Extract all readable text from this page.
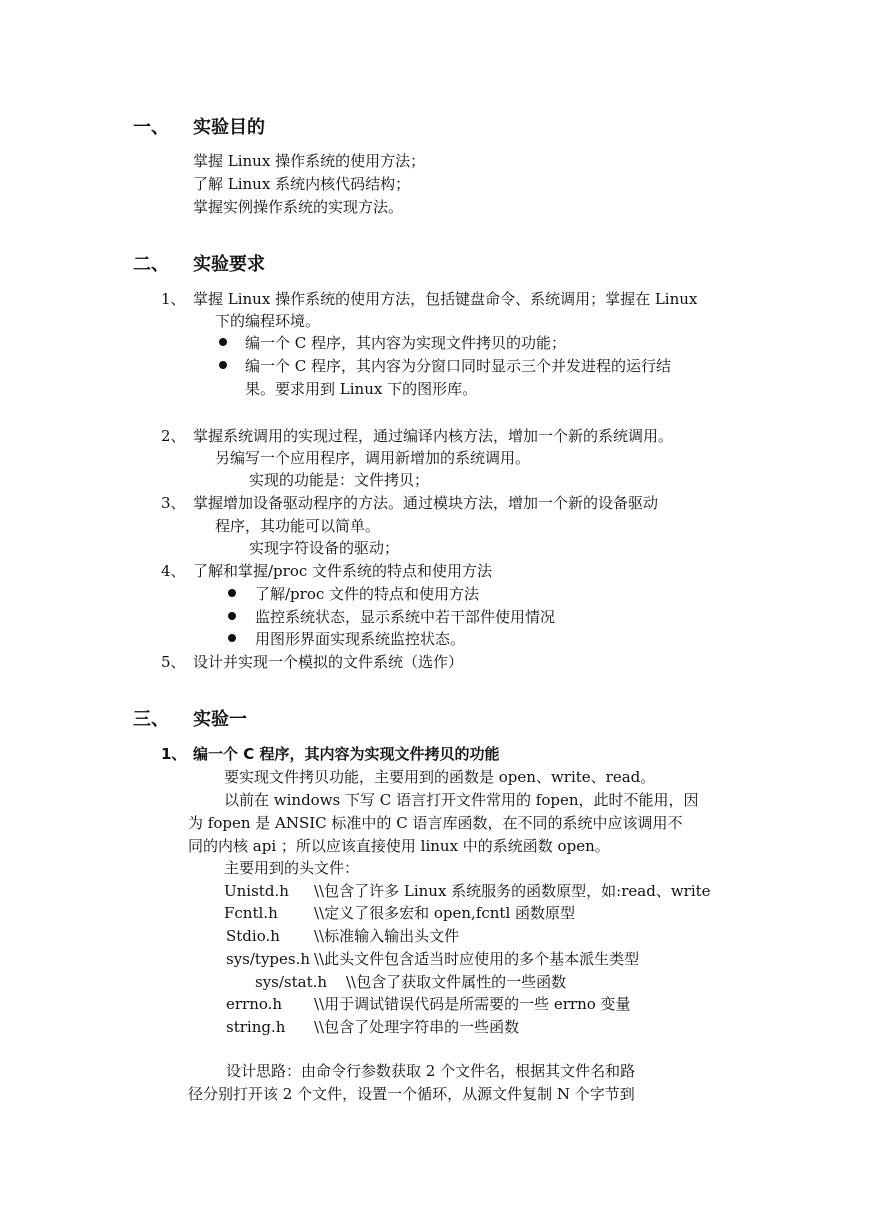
一、 实验目的
掌握 Linux 操作系统的使用方法；
了解 Linux 系统内核代码结构；
掌握实例操作系统的实现方法。
二、 实验要求
1、 掌握 Linux 操作系统的使用方法，包括键盘命令、系统调用；掌握在 Linux
下的编程环境。
编一个 C 程序，其内容为实现文件拷贝的功能；
编一个 C 程序，其内容为分窗口同时显示三个并发进程的运行结
果。要求用到 Linux 下的图形库。
2、 掌握系统调用的实现过程，通过编译内核方法，增加一个新的系统调用。
另编写一个应用程序，调用新增加的系统调用。
实现的功能是：文件拷贝；
3、 掌握增加设备驱动程序的方法。通过模块方法，增加一个新的设备驱动
程序，其功能可以简单。
实现字符设备的驱动；
4、 了解和掌握/proc 文件系统的特点和使用方法
了解/proc 文件的特点和使用方法
监控系统状态，显示系统中若干部件使用情况
用图形界面实现系统监控状态。
5、 设计并实现一个模拟的文件系统（选作）
三、 实验一
1、 编一个 C 程序，其内容为实现文件拷贝的功能
要实现文件拷贝功能，主要用到的函数是 open、write、read。
以前在 windows 下写 C 语言打开文件常用的 fopen，此时不能用，因
为 fopen 是 ANSIC 标准中的 C 语言库函数，在不同的系统中应该调用不
同的内核 api ；所以应该直接使用 linux 中的系统函数 open。
主要用到的头文件：
Unistd.h \\包含了许多 Linux 系统服务的函数原型，如:read、write
Fcntl.h \\定义了很多宏和 open,fcntl 函数原型
Stdio.h \\标准输入输出头文件
sys/types.h \\此头文件包含适当时应使用的多个基本派生类型
sys/stat.h \\包含了获取文件属性的一些函数
errno.h \\用于调试错误代码是所需要的一些 errno 变量
string.h \\包含了处理字符串的一些函数
设计思路：由命令行参数获取 2 个文件名，根据其文件名和路
径分别打开该 2 个文件，设置一个循环，从源文件复制 N 个字节到
